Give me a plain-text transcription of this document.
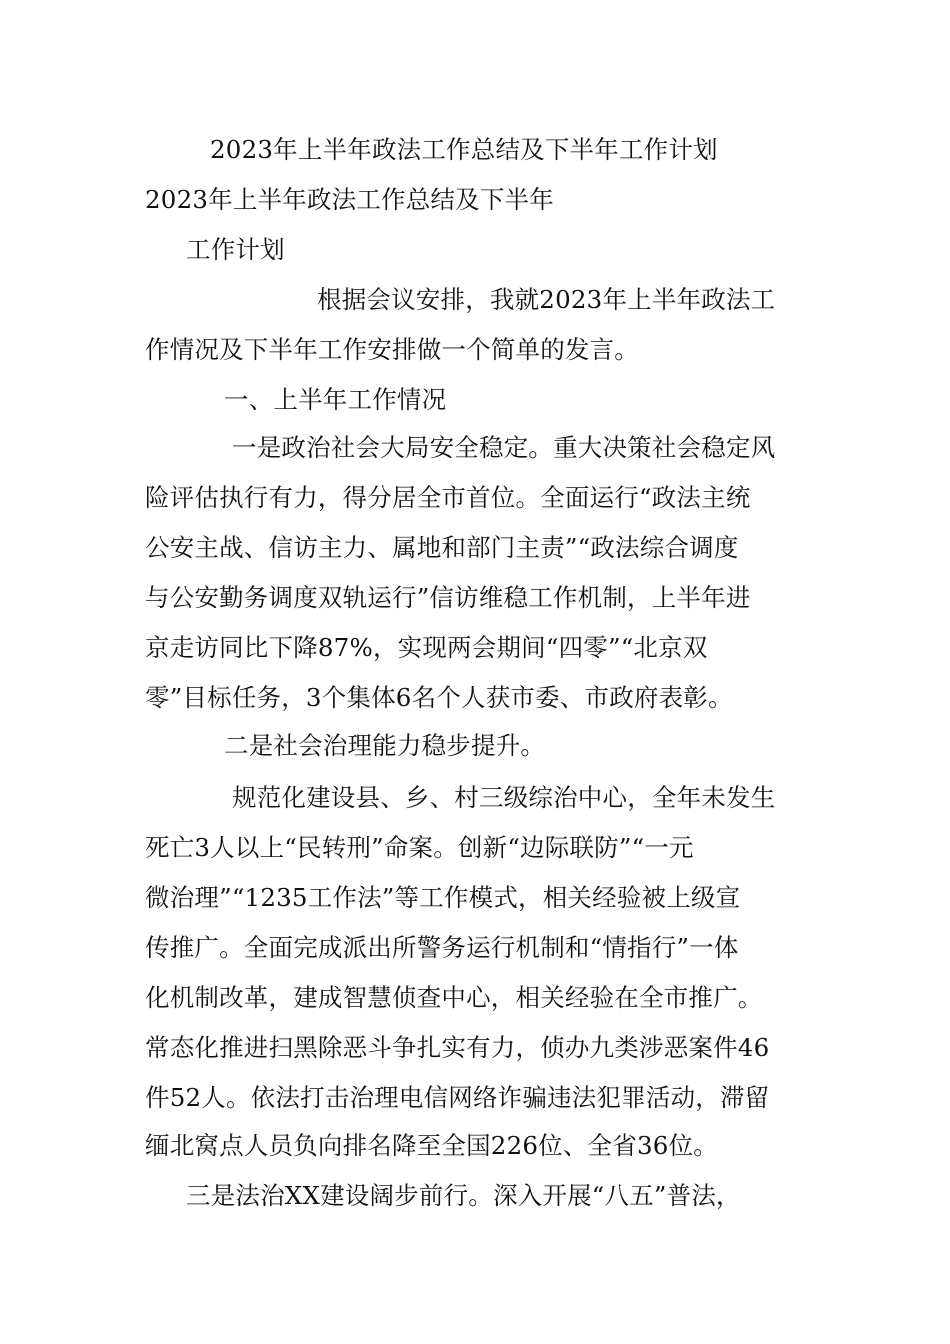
2023年上半年政法工作总结及下半年工作计划

2023年上半年政法工作总结及下半年

工作计划

根据会议安排，我就2023年上半年政法工

作情况及下半年工作安排做一个简单的发言。

一、上半年工作情况

一是政治社会大局安全稳定。重大决策社会稳定风

险评估执行有力，得分居全市首位。全面运行“政法主统

公安主战、信访主力、属地和部门主责”“政法综合调度

与公安勤务调度双轨运行”信访维稳工作机制，上半年进

京走访同比下降87%，实现两会期间“四零”“北京双

零”目标任务，3个集体6名个人获市委、市政府表彰。

二是社会治理能力稳步提升。

规范化建设县、乡、村三级综治中心，全年未发生

死亡3人以上“民转刑”命案。创新“边际联防”“一元

微治理”“1235工作法”等工作模式，相关经验被上级宣

传推广。全面完成派出所警务运行机制和“情指行”一体

化机制改革，建成智慧侦查中心，相关经验在全市推广。

常态化推进扫黑除恶斗争扎实有力，侦办九类涉恶案件46

件52人。依法打击治理电信网络诈骗违法犯罪活动，滞留

缅北窝点人员负向排名降至全国226位、全省36位。

三是法治XX建设阔步前行。深入开展“八五”普法，
